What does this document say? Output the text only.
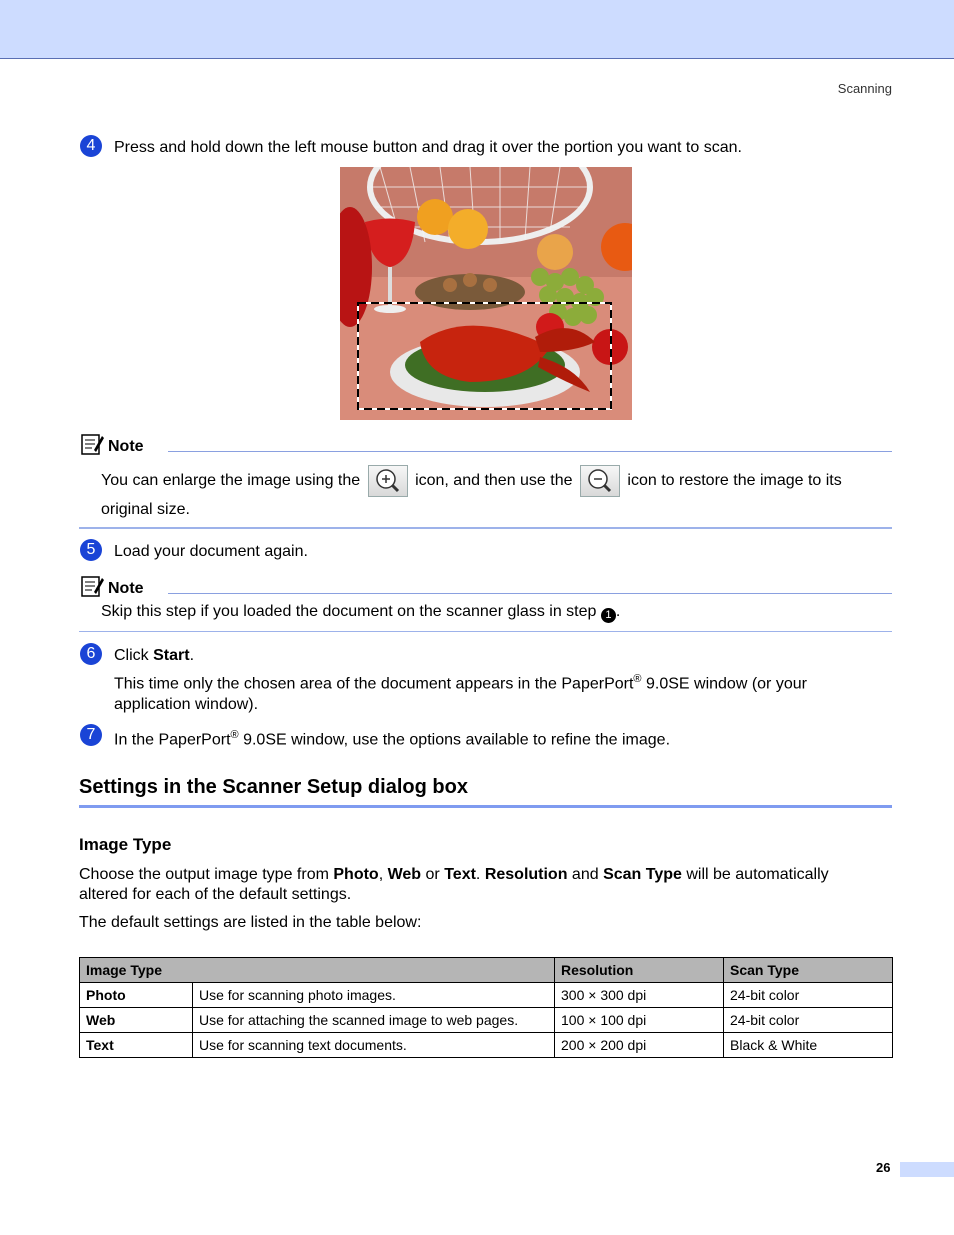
Scanning
4	Press and hold down the left mouse button and drag it over the portion you want to scan.
Note
You can enlarge the image using the	icon, and then use the	icon to restore the image to its
original size.
5	Load your document again.
Note
Skip this step if you loaded the document on the scanner glass in step 1 .
6	Click Start.
This time only the chosen area of the document appears in the PaperPort® 9.0SE window (or your
application window).
7	In the PaperPort® 9.0SE window, use the options available to refine the image.
Settings in the Scanner Setup dialog box
Image Type
Choose the output image type from Photo, Web or Text. Resolution and Scan Type will be automatically
altered for each of the default settings.
The default settings are listed in the table below:
Image Type		Resolution	Scan Type
Photo	Use for scanning photo images.	300 × 300 dpi	24-bit color
Web	Use for attaching the scanned image to web pages.	100 × 100 dpi	24-bit color
Text	Use for scanning text documents.	200 × 200 dpi	Black & White
26
